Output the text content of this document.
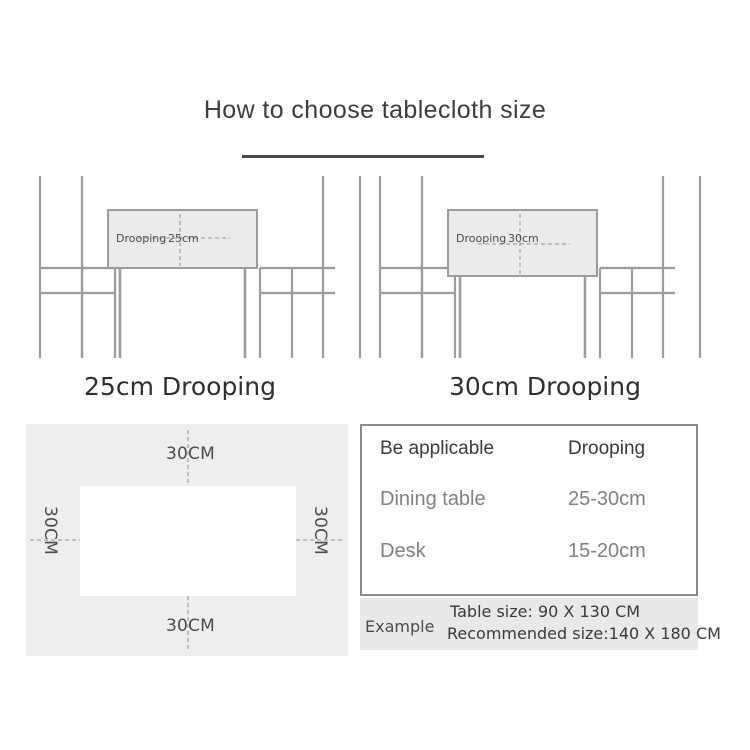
How to choose tablecloth size
Drooping 25cm	Drooping 30cm
25cm Drooping	30cm Drooping
30CM
30CM
30CM	30CM
Be applicable	Drooping
Dining table	25-30cm
Desk	15-20cm
Example
Table size: 90 X 130 CM
Recommended size:140 X 180 CM
